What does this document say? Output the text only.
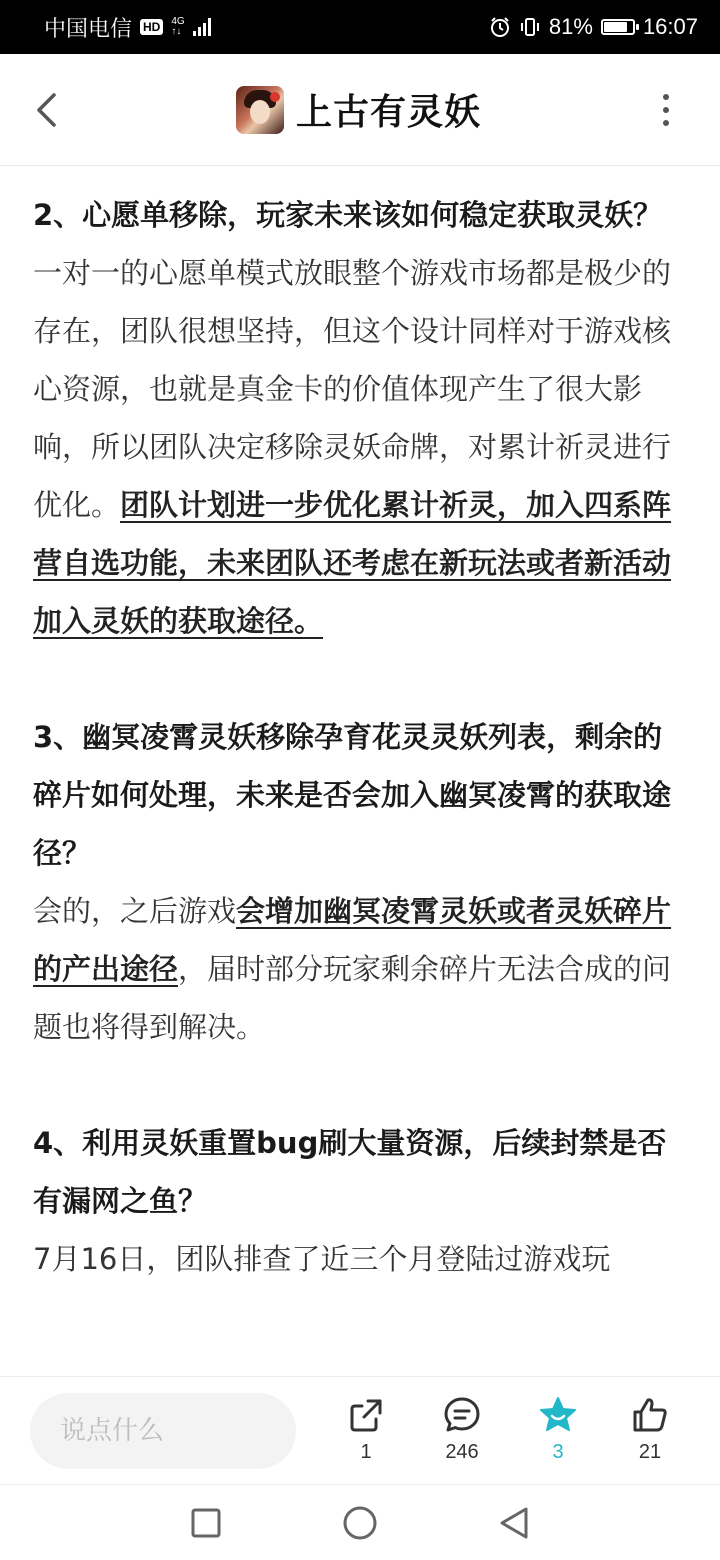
中国电信 HD	4G
↑↓	81% 16:07
上古有灵妖

2、心愿单移除，玩家未来该如何稳定获取灵妖？

一对一的心愿单模式放眼整个游戏市场都是极少的存在，团队很想坚持，但这个设计同样对于游戏核心资源，也就是真金卡的价值体现产生了很大影响，所以团队决定移除灵妖命牌，对累计祈灵进行优化。团队计划进一步优化累计祈灵，加入四系阵营自选功能，未来团队还考虑在新玩法或者新活动加入灵妖的获取途径。

3、幽冥凌霄灵妖移除孕育花灵灵妖列表，剩余的碎片如何处理，未来是否会加入幽冥凌霄的获取途径？

会的，之后游戏会增加幽冥凌霄灵妖或者灵妖碎片的产出途径，届时部分玩家剩余碎片无法合成的问题也将得到解决。

4、利用灵妖重置bug刷大量资源，后续封禁是否有漏网之鱼？

7月16日，团队排查了近三个月登陆过游戏玩

说点什么
1	246	3	21
